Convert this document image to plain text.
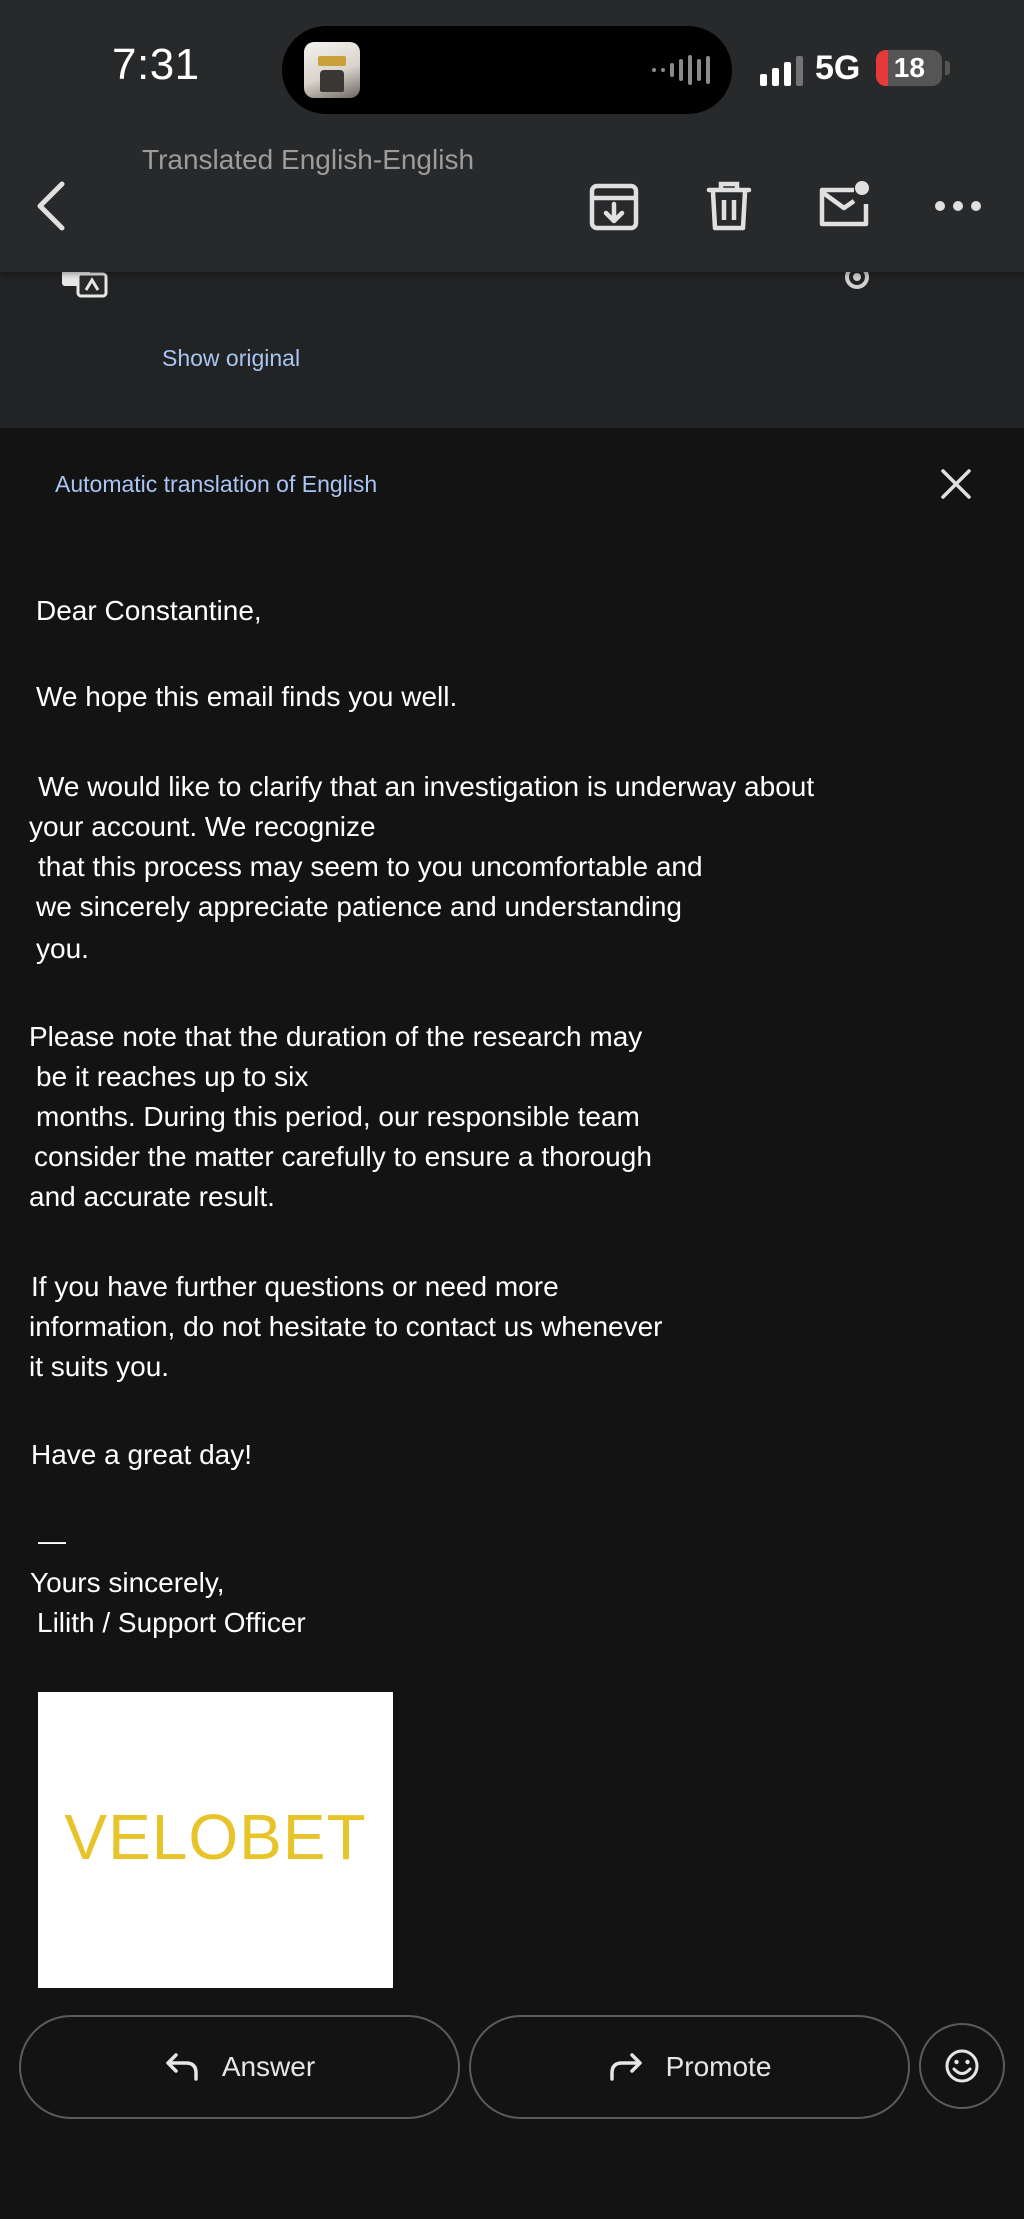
Show original
7:31	5G	18
Translated English-English
Automatic translation of English
Dear Constantine,
We hope this email finds you well.
We would like to clarify that an investigation is underway about
your account. We recognize
that this process may seem to you uncomfortable and
we sincerely appreciate patience and understanding
you.
Please note that the duration of the research may
be it reaches up to six
months. During this period, our responsible team
consider the matter carefully to ensure a thorough
and accurate result.
If you have further questions or need more
information, do not hesitate to contact us whenever
it suits you.
Have a great day!
—
Yours sincerely,
Lilith / Support Officer
VELOBET
Answer	Promote
